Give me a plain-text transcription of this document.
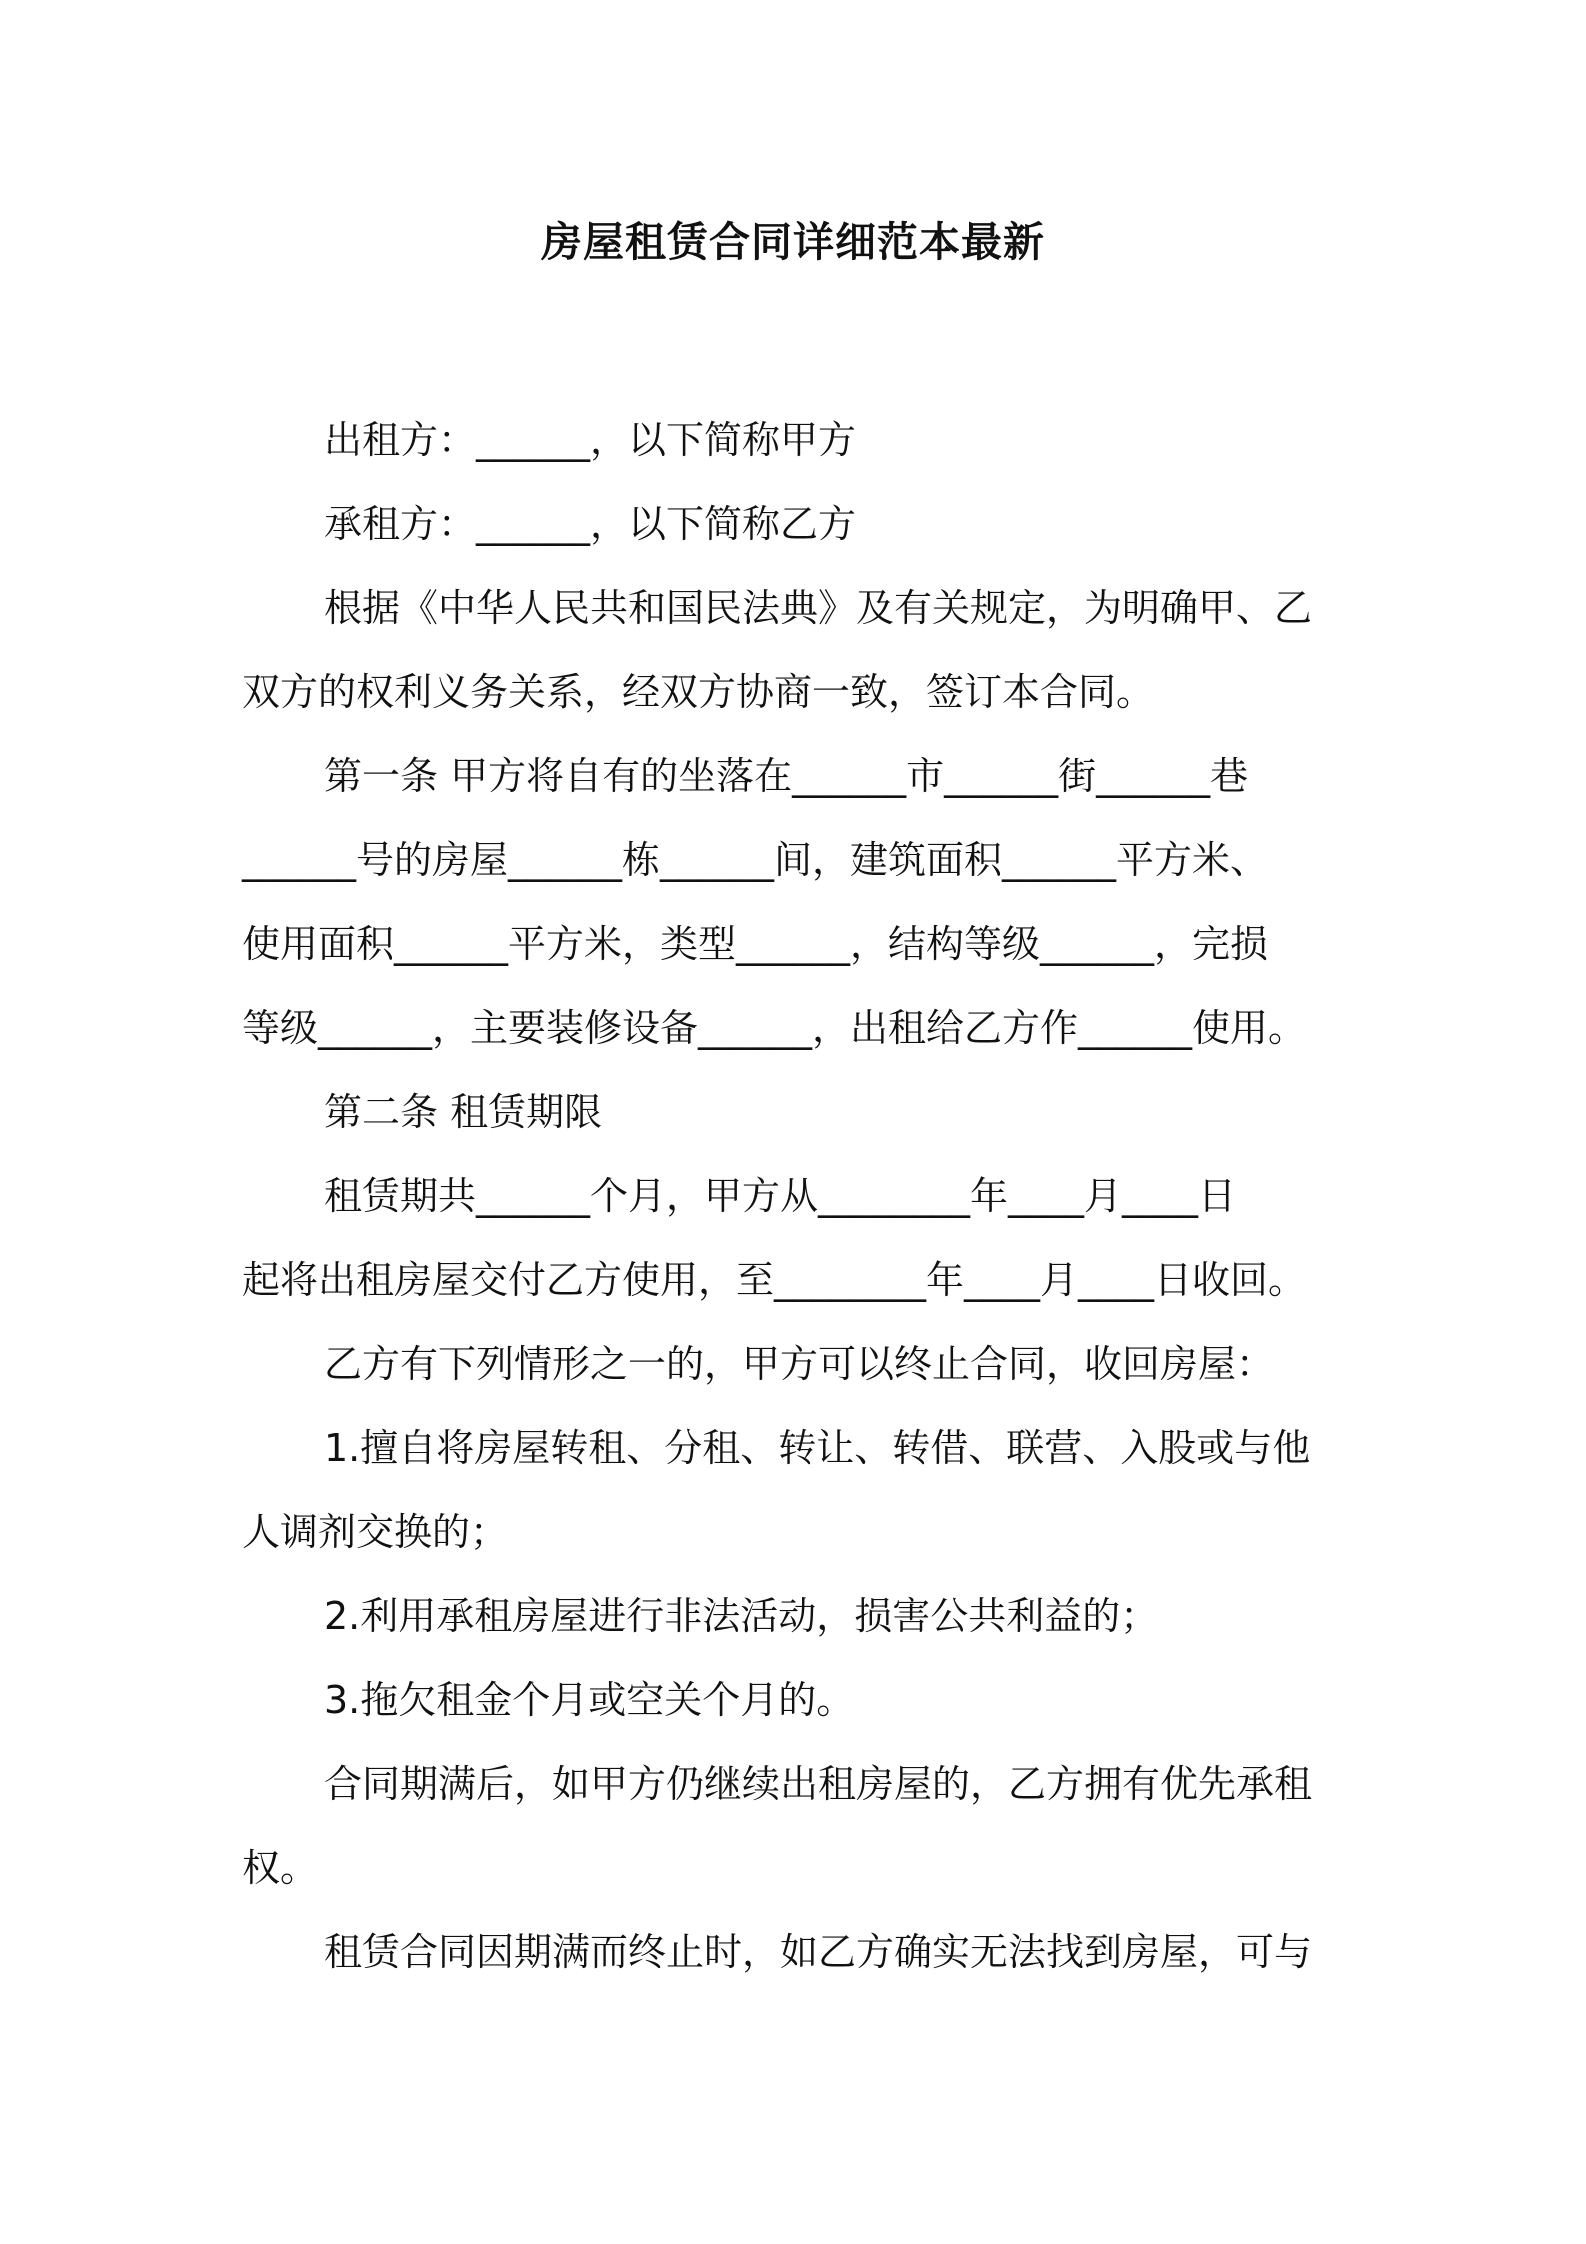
房屋租赁合同详细范本最新
出租方：______，以下简称甲方
承租方：______，以下简称乙方
根据《中华人民共和国民法典》及有关规定，为明确甲、乙
双方的权利义务关系，经双方协商一致，签订本合同。
第一条 甲方将自有的坐落在______市______街______巷
______号的房屋______栋______间，建筑面积______平方米、
使用面积______平方米，类型______，结构等级______，完损
等级______，主要装修设备______，出租给乙方作______使用。
第二条 租赁期限
租赁期共______个月，甲方从________年____月____日
起将出租房屋交付乙方使用，至________年____月____日收回。
乙方有下列情形之一的，甲方可以终止合同，收回房屋：
1.擅自将房屋转租、分租、转让、转借、联营、入股或与他
人调剂交换的；
2.利用承租房屋进行非法活动，损害公共利益的；
3.拖欠租金个月或空关个月的。
合同期满后，如甲方仍继续出租房屋的，乙方拥有优先承租
权。
租赁合同因期满而终止时，如乙方确实无法找到房屋，可与
